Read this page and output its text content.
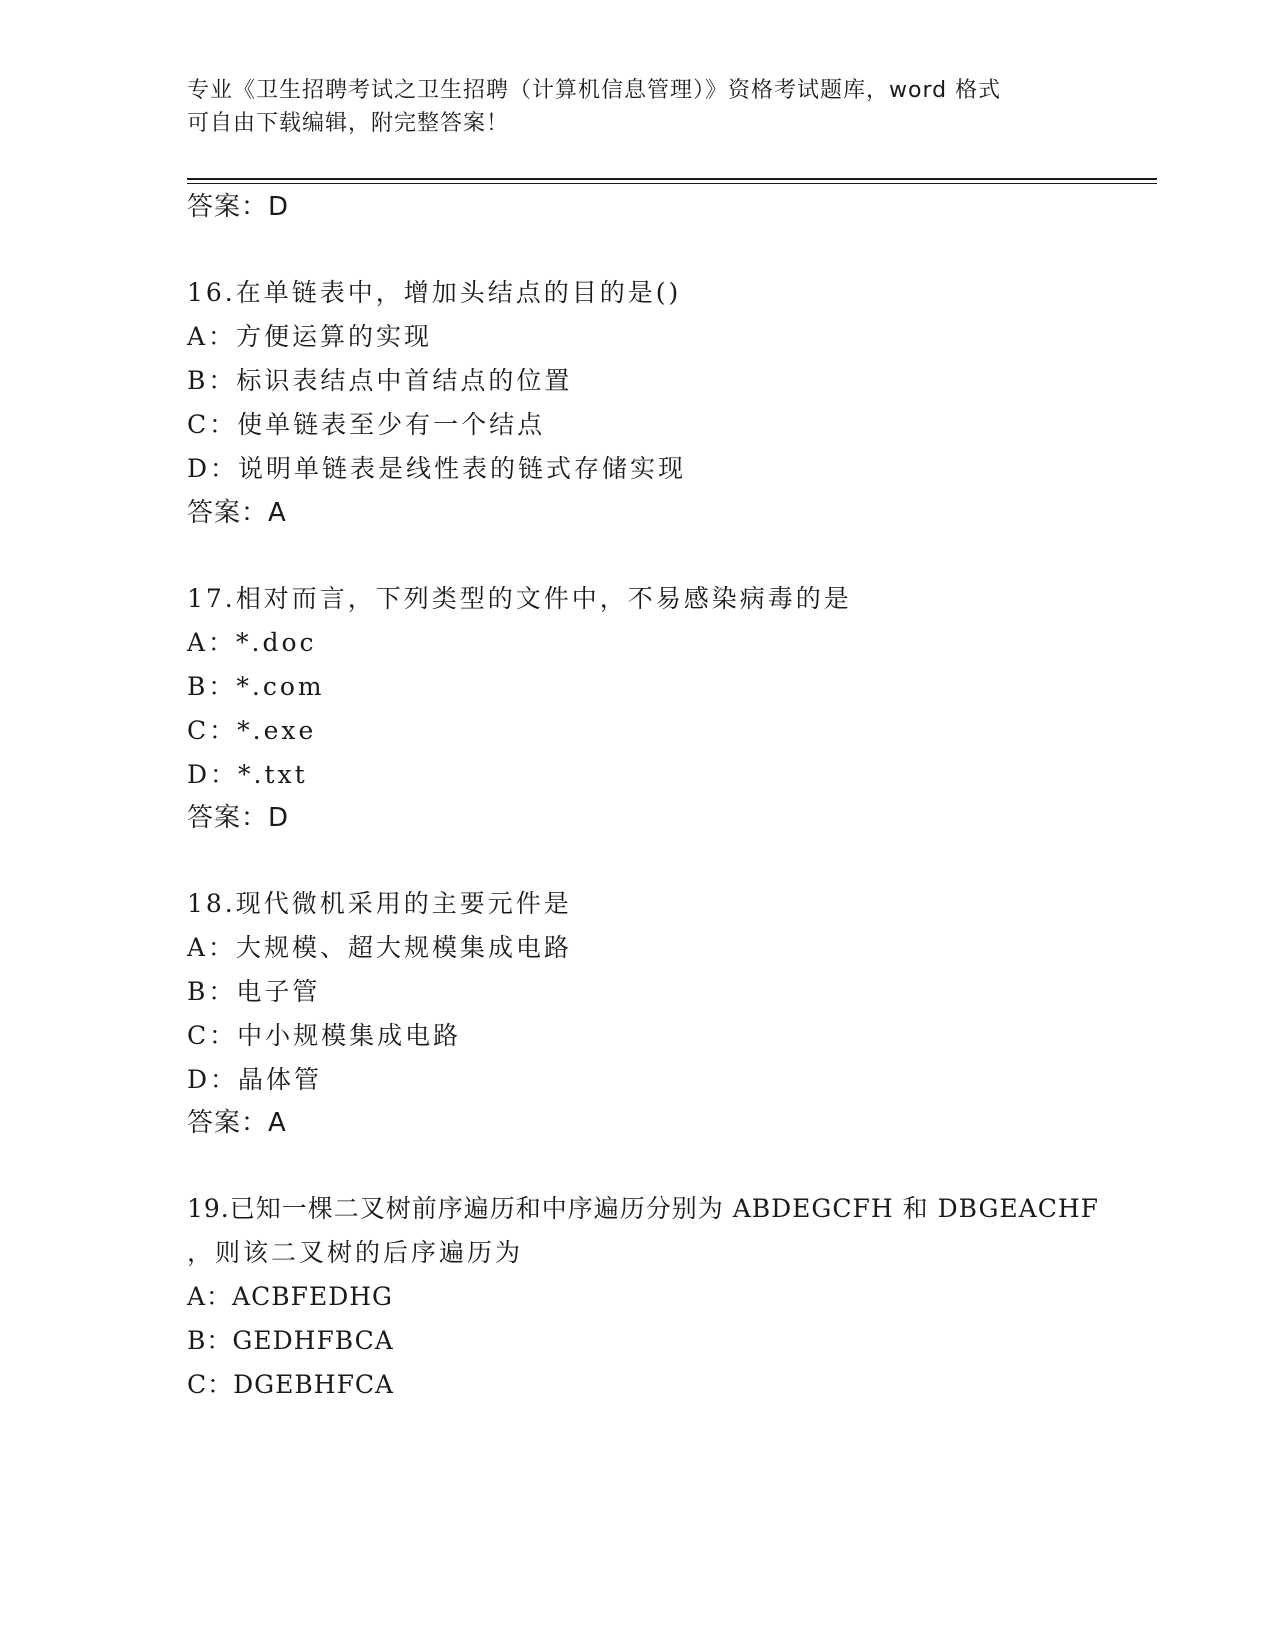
专业《卫生招聘考试之卫生招聘（计算机信息管理）》资格考试题库，word 格式
可自由下载编辑，附完整答案！
答案：D
16.在单链表中，增加头结点的目的是()
A：方便运算的实现
B：标识表结点中首结点的位置
C：使单链表至少有一个结点
D：说明单链表是线性表的链式存储实现
答案：A
17.相对而言，下列类型的文件中，不易感染病毒的是
A：*.doc
B：*.com
C：*.exe
D：*.txt
答案：D
18.现代微机采用的主要元件是
A：大规模、超大规模集成电路
B：电子管
C：中小规模集成电路
D：晶体管
答案：A
19.已知一棵二叉树前序遍历和中序遍历分别为 ABDEGCFH 和 DBGEACHF
，则该二叉树的后序遍历为
A：ACBFEDHG
B：GEDHFBCA
C：DGEBHFCA
